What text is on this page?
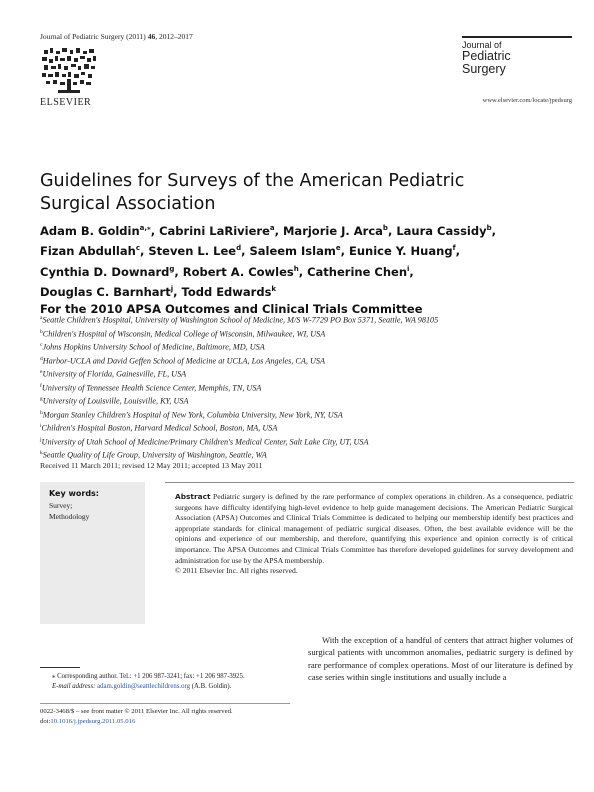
Journal of Pediatric Surgery (2011) 46, 2012–2017
ELSEVIER
Journal of
Pediatric
Surgery
www.elsevier.com/locate/jpedsurg
Guidelines for Surveys of the American Pediatric
Surgical Association
Adam B. Goldin$^{a,⁎}$, Cabrini LaRiviere$^a$, Marjorie J. Arca$^b$, Laura Cassidy$^b$,
Fizan Abdullah$^c$, Steven L. Lee$^d$, Saleem Islam$^e$, Eunice Y. Huang$^f$,
Cynthia D. Downard$^g$, Robert A. Cowles$^h$, Catherine Chen$^i$,
Douglas C. Barnhart$^j$, Todd Edwards$^k$
For the 2010 APSA Outcomes and Clinical Trials Committee
$^a$Seattle Children's Hospital, University of Washington School of Medicine, M/S W-7729 PO Box 5371, Seattle, WA 98105
$^b$Children's Hospital of Wisconsin, Medical College of Wisconsin, Milwaukee, WI, USA
$^c$Johns Hopkins University School of Medicine, Baltimore, MD, USA
$^d$Harbor-UCLA and David Geffen School of Medicine at UCLA, Los Angeles, CA, USA
$^e$University of Florida, Gainesville, FL, USA
$^f$University of Tennessee Health Science Center, Memphis, TN, USA
$^g$University of Louisville, Louisville, KY, USA
$^h$Morgan Stanley Children's Hospital of New York, Columbia University, New York, NY, USA
$^i$Children's Hospital Boston, Harvard Medical School, Boston, MA, USA
$^j$University of Utah School of Medicine/Primary Children's Medical Center, Salt Lake City, UT, USA
$^k$Seattle Quality of Life Group, University of Washington, Seattle, WA
Received 11 March 2011; revised 12 May 2011; accepted 13 May 2011
Key words:
Survey;
Methodology
Abstract Pediatric surgery is defined by the rare performance of complex operations in children. As a consequence, pediatric surgeons have difficulty identifying high-level evidence to help guide management decisions. The American Pediatric Surgical Association (APSA) Outcomes and Clinical Trials Committee is dedicated to helping our membership identify best practices and appropriate standards for clinical management of pediatric surgical diseases. Often, the best available evidence will be the opinions and experience of our membership, and therefore, quantifying this experience and opinion correctly is of critical importance. The APSA Outcomes and Clinical Trials Committee has therefore developed guidelines for survey development and administration for use by the APSA membership.
© 2011 Elsevier Inc. All rights reserved.
With the exception of a handful of centers that attract higher volumes of surgical patients with uncommon anomalies, pediatric surgery is defined by rare performance of complex operations. Most of our literature is defined by case series within single institutions and usually include a
⁎ Corresponding author. Tel.: +1 206 987-3241; fax: +1 206 987-3925.
E-mail address: adam.goldin@seattlechildrens.org (A.B. Goldin).
0022-3468/$ – see front matter © 2011 Elsevier Inc. All rights reserved.
doi:10.1016/j.jpedsurg.2011.05.016
